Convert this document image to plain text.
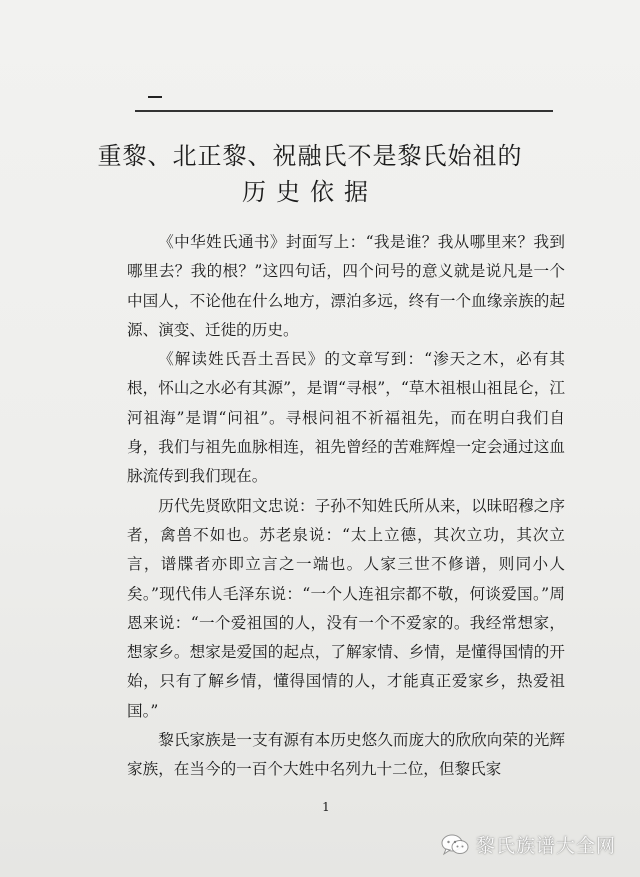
重黎、北正黎、祝融氏不是黎氏始祖的
历史依据

《中华姓氏通书》封面写上：“我是谁？我从哪里来？我到哪里去？我的根？”这四句话，四个问号的意义就是说凡是一个中国人，不论他在什么地方，漂泊多远，终有一个血缘亲族的起源、演变、迁徙的历史。

《解读姓氏吾土吾民》的文章写到：“渗天之木，必有其根，怀山之水必有其源”，是谓“寻根”，“草木祖根山祖昆仑，江河祖海”是谓“问祖”。寻根问祖不祈福祖先，而在明白我们自身，我们与祖先血脉相连，祖先曾经的苦难辉煌一定会通过这血脉流传到我们现在。

历代先贤欧阳文忠说：子孙不知姓氏所从来，以昧昭穆之序者，禽兽不如也。苏老泉说：“太上立德，其次立功，其次立言，谱牒者亦即立言之一端也。人家三世不修谱，则同小人矣。”现代伟人毛泽东说：“一个人连祖宗都不敬，何谈爱国。”周恩来说：“一个爱祖国的人，没有一个不爱家的。我经常想家，想家乡。想家是爱国的起点，了解家情、乡情，是懂得国情的开始，只有了解乡情，懂得国情的人，才能真正爱家乡，热爱祖国。”

黎氏家族是一支有源有本历史悠久而庞大的欣欣向荣的光辉家族，在当今的一百个大姓中名列九十二位，但黎氏家

1
黎氏族谱大全网
